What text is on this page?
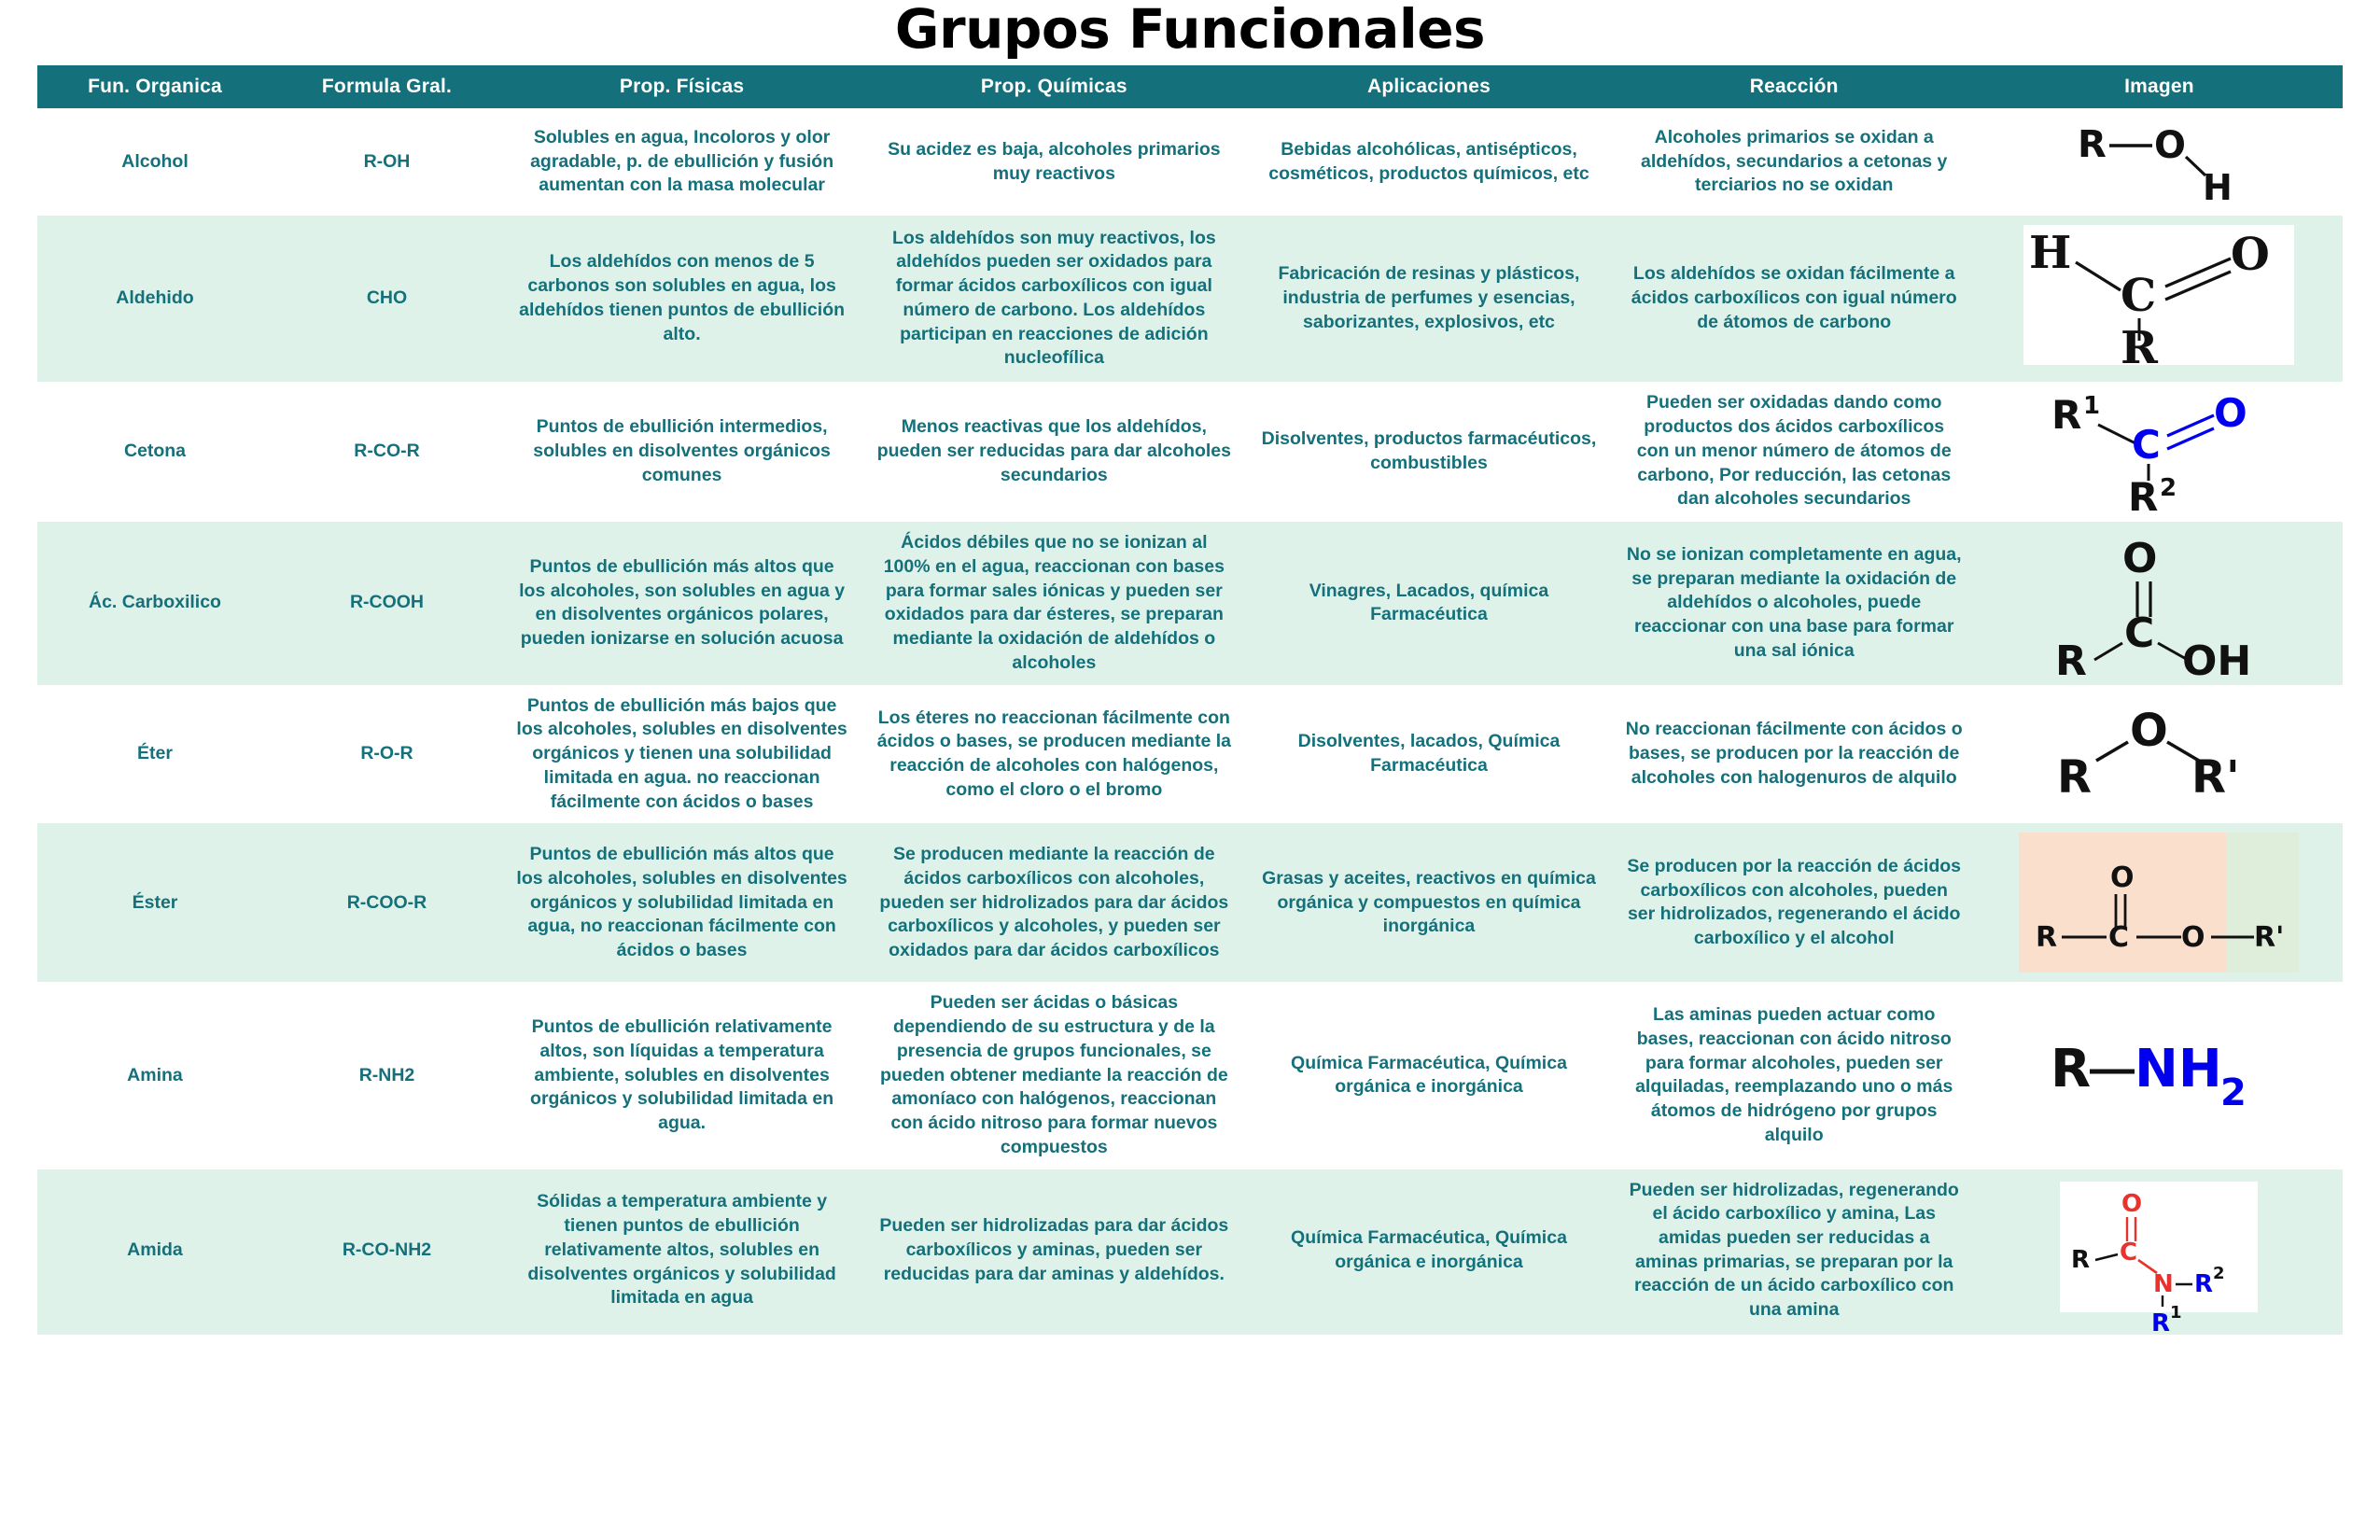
Grupos Funcionales
Fun. Organica	Formula Gral.	Prop. Físicas	Prop. Químicas	Aplicaciones	Reacción	Imagen
Alcohol	R-OH	Solubles en agua, Incoloros y olor agradable, p. de ebullición y fusión aumentan con la masa molecular	Su acidez es baja, alcoholes primarios muy reactivos	Bebidas alcohólicas, antisépticos, cosméticos, productos químicos, etc	Alcoholes primarios se oxidan a aldehídos, secundarios a cetonas y terciarios no se oxidan	R O
H

Aldehido	CHO	Los aldehídos con menos de 5 carbonos son solubles en agua, los aldehídos tienen puntos de ebullición alto.	Los aldehídos son muy reactivos, los aldehídos pueden ser oxidados para formar ácidos carboxílicos con igual número de carbono. Los aldehídos participan en reacciones de adición nucleofílica	Fabricación de resinas y plásticos, industria de perfumes y esencias, saborizantes, explosivos, etc	Los aldehídos se oxidan fácilmente a ácidos carboxílicos con igual número de átomos de carbono	H
C
O
R

Cetona	R-CO-R	Puntos de ebullición intermedios, solubles en disolventes orgánicos comunes	Menos reactivas que los aldehídos, pueden ser reducidas para dar alcoholes secundarios	Disolventes, productos farmacéuticos, combustibles	Pueden ser oxidadas dando como productos dos ácidos carboxílicos con un menor número de átomos de carbono, Por reducción, las cetonas dan alcoholes secundarios	
R 1
C
O
R 2

Ác. Carboxilico	R-COOH	Puntos de ebullición más altos que los alcoholes, son solubles en agua y en disolventes orgánicos polares, pueden ionizarse en solución acuosa	Ácidos débiles que no se ionizan al 100% en el agua, reaccionan con bases para formar sales iónicas y pueden ser oxidados para dar ésteres, se preparan mediante la oxidación de aldehídos o alcoholes	Vinagres, Lacados, química Farmacéutica	No se ionizan completamente en agua, se preparan mediante la oxidación de aldehídos o alcoholes, puede reaccionar con una base para formar una sal iónica	O
C
R OH

Éter	R-O-R	Puntos de ebullición más bajos que los alcoholes, solubles en disolventes orgánicos y tienen una solubilidad limitada en agua. no reaccionan fácilmente con ácidos o bases	Los éteres no reaccionan fácilmente con ácidos o bases, se producen mediante la reacción de alcoholes con halógenos, como el cloro o el bromo	Disolventes, lacados, Química Farmacéutica	No reaccionan fácilmente con ácidos o bases, se producen por la reacción de alcoholes con halogenuros de alquilo	O
R R'

Éster	R-COO-R	Puntos de ebullición más altos que los alcoholes, solubles en disolventes orgánicos y solubilidad limitada en agua, no reaccionan fácilmente con ácidos o bases	Se producen mediante la reacción de ácidos carboxílicos con alcoholes, pueden ser hidrolizados para dar ácidos carboxílicos y alcoholes, y pueden ser oxidados para dar ácidos carboxílicos	Grasas y aceites, reactivos en química orgánica y compuestos en química inorgánica	Se producen por la reacción de ácidos carboxílicos con alcoholes, pueden ser hidrolizados, regenerando el ácido carboxílico y el alcohol	O
R C O R'

Amina	R-NH2	Puntos de ebullición relativamente altos, son líquidas a temperatura ambiente, solubles en disolventes orgánicos y solubilidad limitada en agua.	Pueden ser ácidas o básicas dependiendo de su estructura y de la presencia de grupos funcionales, se pueden obtener mediante la reacción de amoníaco con halógenos, reaccionan con ácido nitroso para formar nuevos compuestos	Química Farmacéutica, Química orgánica e inorgánica	Las aminas pueden actuar como bases, reaccionan con ácido nitroso para formar alcoholes, pueden ser alquiladas, reemplazando uno o más átomos de hidrógeno por grupos alquilo	
R NH
2

Amida	R-CO-NH2	Sólidas a temperatura ambiente y tienen puntos de ebullición relativamente altos, solubles en disolventes orgánicos y solubilidad limitada en agua	Pueden ser hidrolizadas para dar ácidos carboxílicos y aminas, pueden ser reducidas para dar aminas y aldehídos.	Química Farmacéutica, Química orgánica e inorgánica	Pueden ser hidrolizadas, regenerando el ácido carboxílico y amina, Las amidas pueden ser reducidas a aminas primarias, se preparan por la reacción de un ácido carboxílico con una amina	
O
C
R
N R 2
R 1
